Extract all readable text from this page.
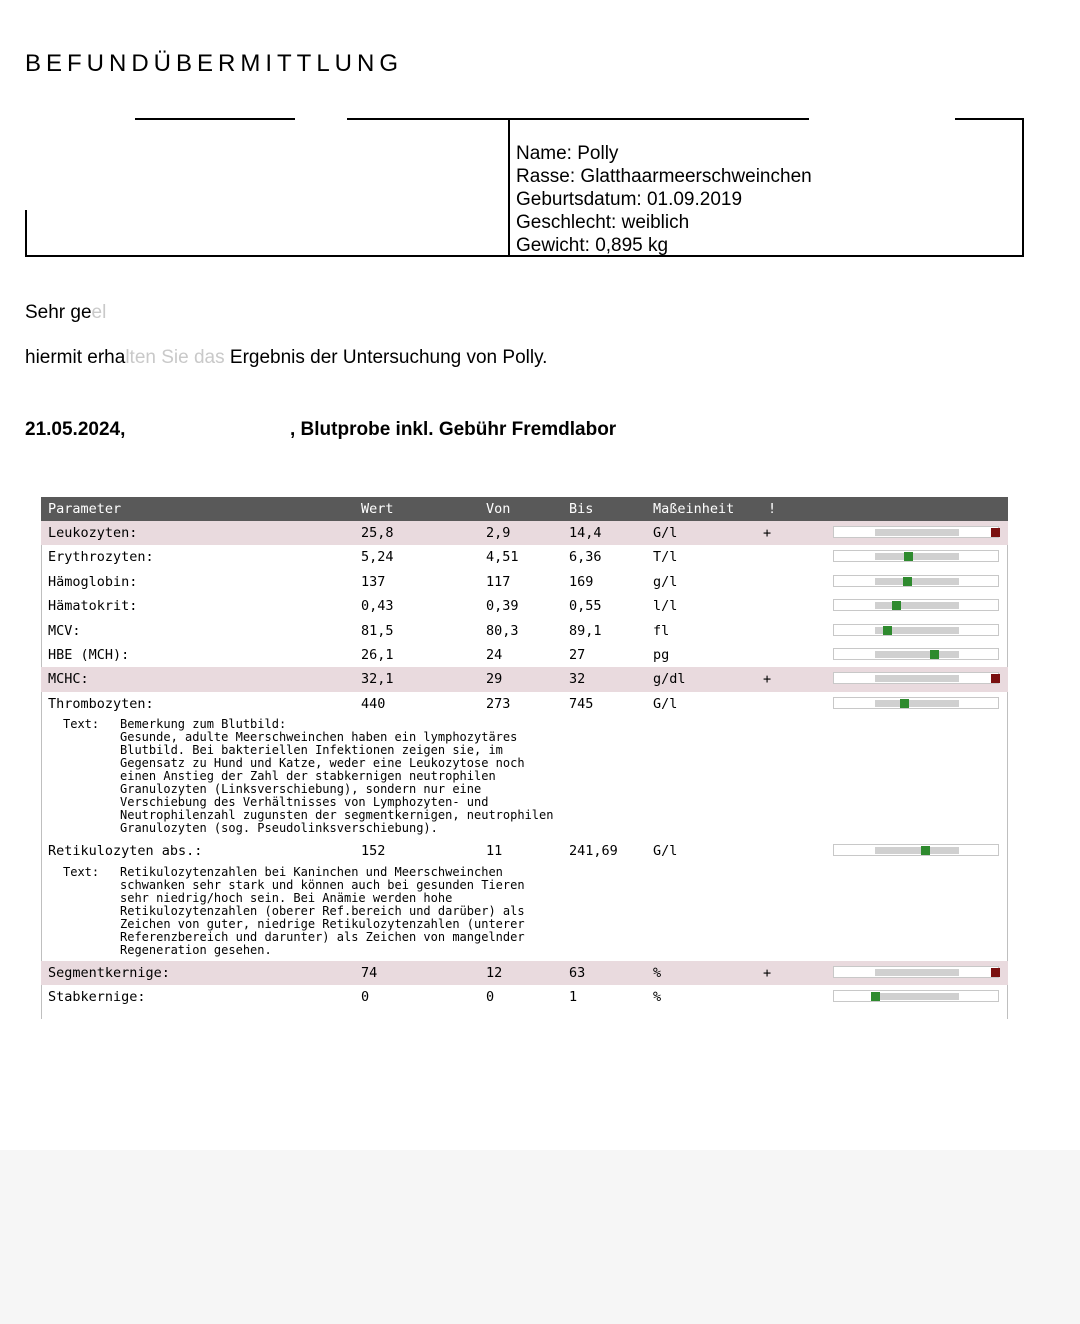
BEFUNDÜBERMITTLUNG
Name: Polly
Rasse: Glatthaarmeerschweinchen
Geburtsdatum: 01.09.2019
Geschlecht: weiblich
Gewicht: 0,895 kg
Sehr geel
hiermit erhalten Sie das Ergebnis der Untersuchung von Polly.
21.05.2024,	, Blutprobe inkl. Gebühr Fremdlabor
Parameter	Wert	Von	Bis	Maßeinheit !
Leukozyten:	25,8	2,9	14,4	G/l	+
Erythrozyten:	5,24	4,51	6,36	T/l
Hämoglobin:	137	117	169	g/l
Hämatokrit:	0,43	0,39	0,55	l/l
MCV:	81,5	80,3	89,1	fl
HBE (MCH):	26,1	24	27	pg
MCHC:	32,1	29	32	g/dl	+
Thrombozyten:	440	273	745	G/l
Text: Bemerkung zum Blutbild:
Gesunde, adulte Meerschweinchen haben ein lymphozytäres
Blutbild. Bei bakteriellen Infektionen zeigen sie, im
Gegensatz zu Hund und Katze, weder eine Leukozytose noch
einen Anstieg der Zahl der stabkernigen neutrophilen
Granulozyten (Linksverschiebung), sondern nur eine
Verschiebung des Verhältnisses von Lymphozyten- und
Neutrophilenzahl zugunsten der segmentkernigen, neutrophilen
Granulozyten (sog. Pseudolinksverschiebung).
Retikulozyten abs.:	152	11	241,69	G/l
Text: Retikulozytenzahlen bei Kaninchen und Meerschweinchen
schwanken sehr stark und können auch bei gesunden Tieren
sehr niedrig/hoch sein. Bei Anämie werden hohe
Retikulozytenzahlen (oberer Ref.bereich und darüber) als
Zeichen von guter, niedrige Retikulozytenzahlen (unterer
Referenzbereich und darunter) als Zeichen von mangelnder
Regeneration gesehen.
Segmentkernige:	74	12	63	%	+
Stabkernige:	0	0	1	%
